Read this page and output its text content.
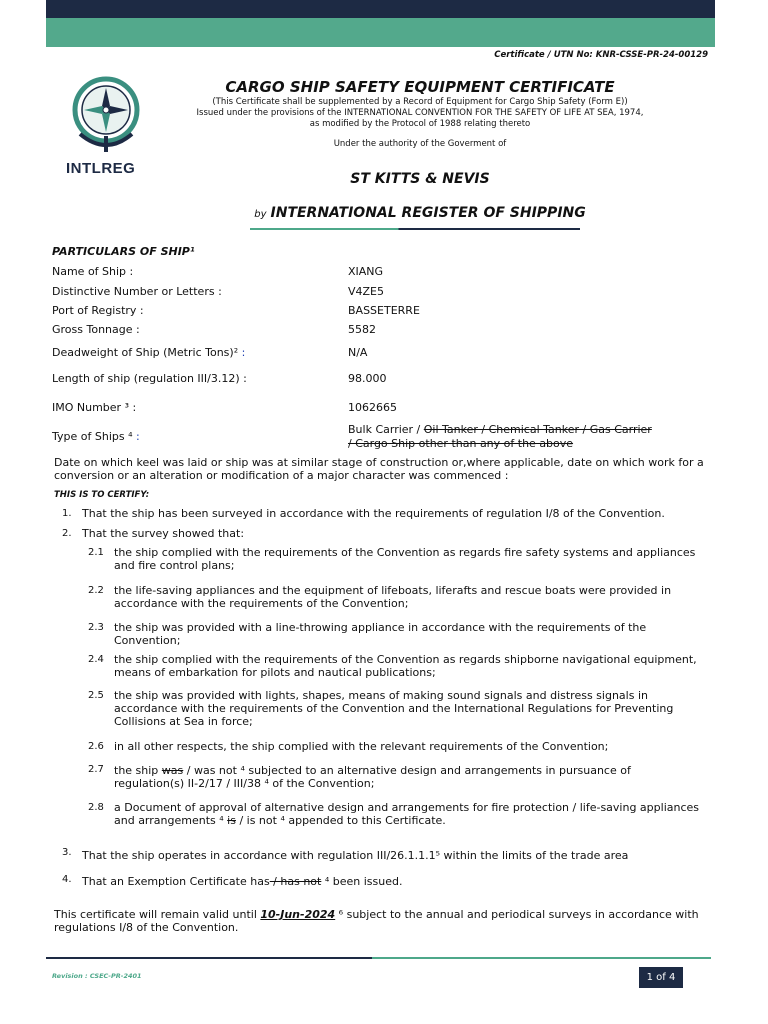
Certificate / UTN No: KNR-CSSE-PR-24-00129
INTLREG
CARGO SHIP SAFETY EQUIPMENT CERTIFICATE
(This Certificate shall be supplemented by a Record of Equipment for Cargo Ship Safety (Form E))
Issued under the provisions of the INTERNATIONAL CONVENTION FOR THE SAFETY OF LIFE AT SEA, 1974,
as modified by the Protocol of 1988 relating thereto
Under the authority of the Goverment of
ST KITTS & NEVIS
by INTERNATIONAL REGISTER OF SHIPPING
PARTICULARS OF SHIP¹
Name of Ship :	XIANG
Distinctive Number or Letters :	V4ZE5
Port of Registry :	BASSETERRE
Gross Tonnage :	5582
Deadweight of Ship (Metric Tons)² :	N/A
Length of ship (regulation III/3.12) :	98.000
IMO Number ³ :	1062665
Type of Ships ⁴ :
Bulk Carrier / Oil Tanker / Chemical Tanker / Gas Carrier
/ Cargo Ship other than any of the above
Date on which keel was laid or ship was at similar stage of construction or,where applicable, date on which work for a conversion or an alteration or modification of a major character was commenced :
THIS IS TO CERTIFY:
1. That the ship has been surveyed in accordance with the requirements of regulation I/8 of the Convention.
2. That the survey showed that:
2.1 the ship complied with the requirements of the Convention as regards fire safety systems and appliances and fire control plans;
2.2 the life-saving appliances and the equipment of lifeboats, liferafts and rescue boats were provided in accordance with the requirements of the Convention;
2.3 the ship was provided with a line-throwing appliance in accordance with the requirements of the Convention;
2.4 the ship complied with the requirements of the Convention as regards shipborne navigational equipment, means of embarkation for pilots and nautical publications;
2.5 the ship was provided with lights, shapes, means of making sound signals and distress signals in accordance with the requirements of the Convention and the International Regulations for Preventing Collisions at Sea in force;
2.6 in all other respects, the ship complied with the relevant requirements of the Convention;
2.7 the ship was / was not ⁴ subjected to an alternative design and arrangements in pursuance of regulation(s) II-2/17 / III/38 ⁴ of the Convention;
2.8 a Document of approval of alternative design and arrangements for fire protection / life-saving appliances and arrangements ⁴ is / is not ⁴ appended to this Certificate.
3. That the ship operates in accordance with regulation III/26.1.1.1⁵ within the limits of the trade area
4. That an Exemption Certificate has / has not ⁴ been issued.
This certificate will remain valid until 10-Jun-2024 ⁶ subject to the annual and periodical surveys in accordance with regulations I/8 of the Convention.
Revision : CSEC-PR-2401	1 of 4
